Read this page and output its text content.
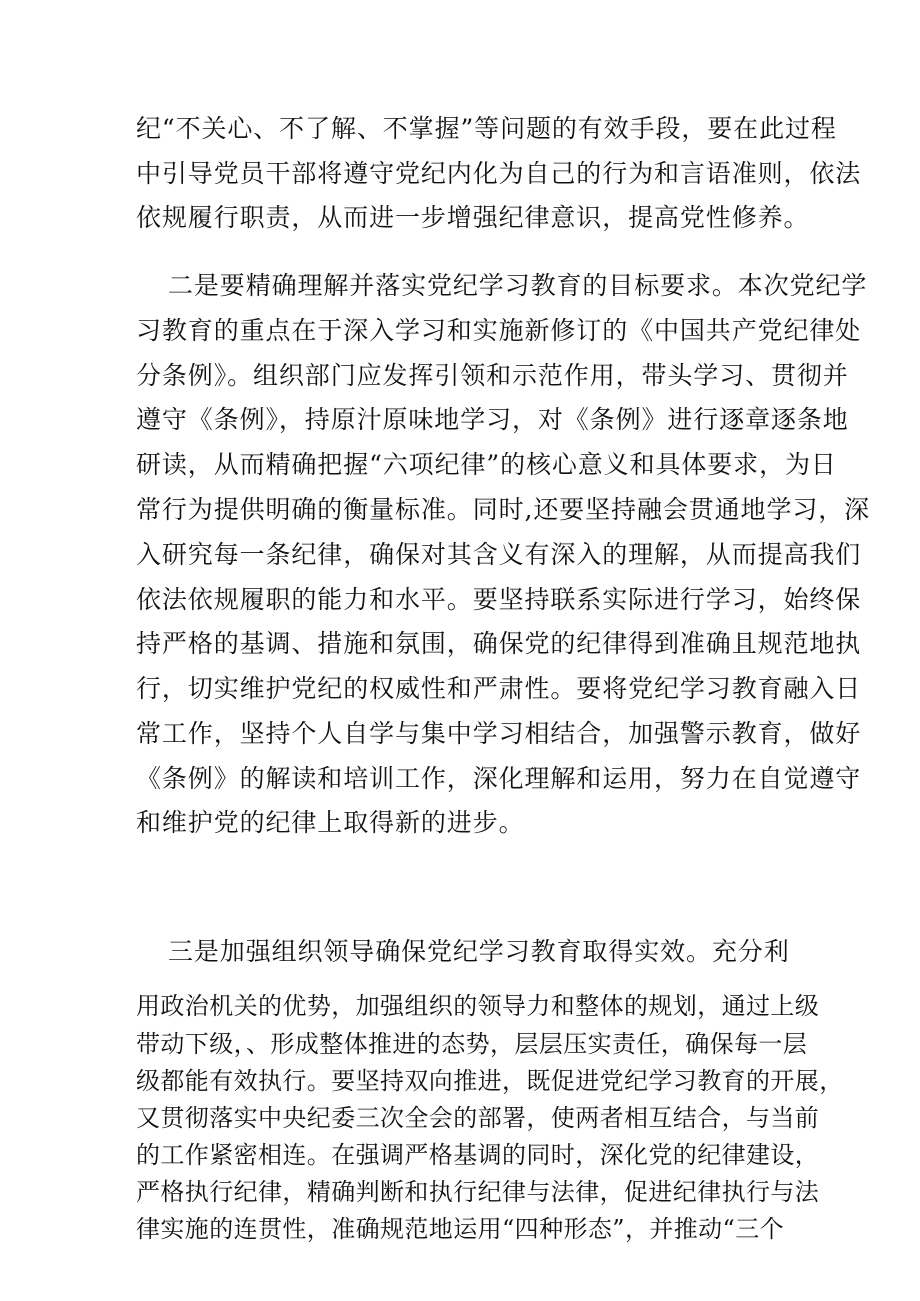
纪“不关心、不了解、不掌握”等问题的有效手段，要在此过程
中引导党员干部将遵守党纪内化为自己的行为和言语准则，依法
依规履行职责，从而进一步增强纪律意识，提高党性修养。
二是要精确理解并落实党纪学习教育的目标要求。本次党纪学
习教育的重点在于深入学习和实施新修订的《中国共产党纪律处
分条例》。组织部门应发挥引领和示范作用，带头学习、贯彻并
遵守《条例》，持原汁原味地学习，对《条例》进行逐章逐条地
研读，从而精确把握“六项纪律”的核心意义和具体要求，为日
常行为提供明确的衡量标准。同时,还要坚持融会贯通地学习，深
入研究每一条纪律，确保对其含义有深入的理解，从而提高我们
依法依规履职的能力和水平。要坚持联系实际进行学习，始终保
持严格的基调、措施和氛围，确保党的纪律得到准确且规范地执
行，切实维护党纪的权威性和严肃性。要将党纪学习教育融入日
常工作，坚持个人自学与集中学习相结合，加强警示教育，做好
《条例》的解读和培训工作，深化理解和运用，努力在自觉遵守
和维护党的纪律上取得新的进步。
三是加强组织领导确保党纪学习教育取得实效。充分利
用政治机关的优势，加强组织的领导力和整体的规划，通过上级
带动下级，、形成整体推进的态势，层层压实责任，确保每一层
级都能有效执行。要坚持双向推进，既促进党纪学习教育的开展，
又贯彻落实中央纪委三次全会的部署，使两者相互结合，与当前
的工作紧密相连。在强调严格基调的同时，深化党的纪律建设，
严格执行纪律，精确判断和执行纪律与法律，促进纪律执行与法
律实施的连贯性，准确规范地运用“四种形态”，并推动“三个
